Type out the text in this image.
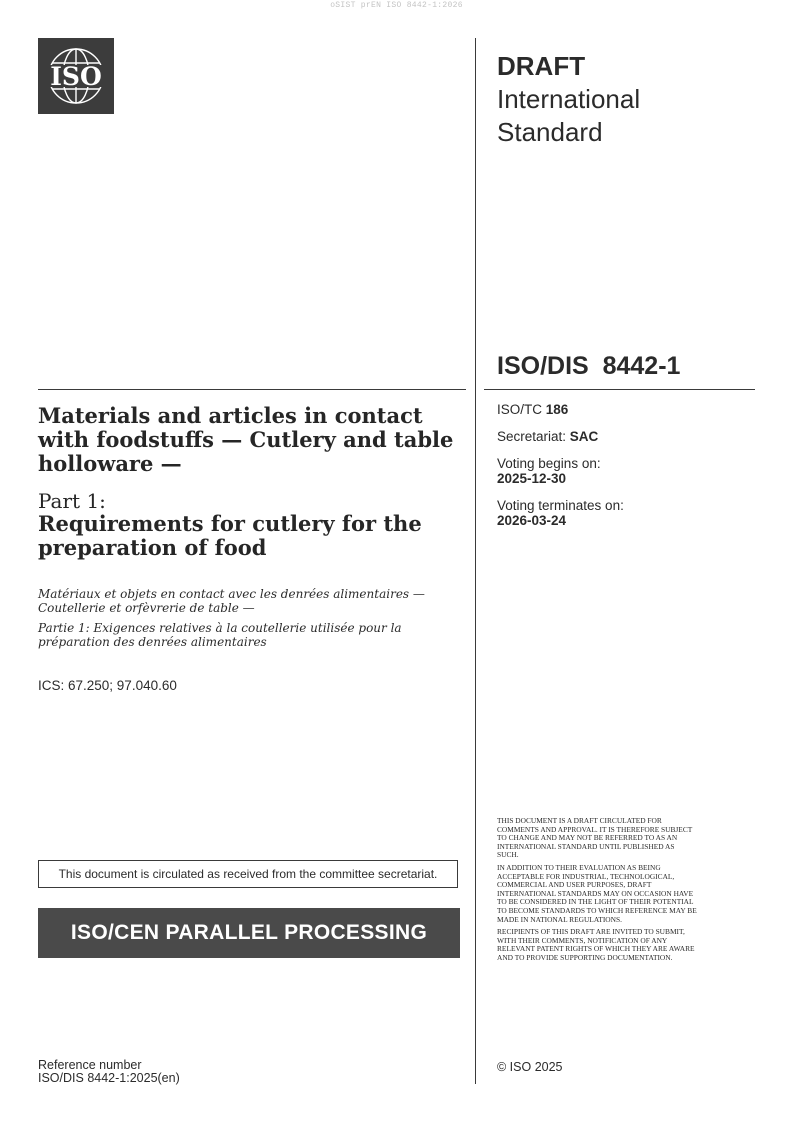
oSIST prEN ISO 8442-1:2026
ISO	DRAFT
International
Standard
ISO/DIS  8442-1
ISO/TC 186
Secretariat: SAC
Voting begins on:
2025-12-30
Voting terminates on:
2026-03-24

Materials and articles in contact with foodstuffs — Cutlery and table holloware —

Part 1:
Requirements for cutlery for the preparation of food

Matériaux et objets en contact avec les denrées alimentaires — Coutellerie et orfèvrerie de table —

Partie 1: Exigences relatives à la coutellerie utilisée pour la préparation des denrées alimentaires

ICS: 67.250; 97.040.60
This document is circulated as received from the committee secretariat.
ISO/CEN PARALLEL PROCESSING
Reference number
ISO/DIS 8442-1:2025(en)

THIS DOCUMENT IS A DRAFT CIRCULATED FOR COMMENTS AND APPROVAL. IT IS THEREFORE SUBJECT TO CHANGE AND MAY NOT BE REFERRED TO AS AN INTERNATIONAL STANDARD UNTIL PUBLISHED AS SUCH.

IN ADDITION TO THEIR EVALUATION AS BEING ACCEPTABLE FOR INDUSTRIAL, TECHNOLOGICAL, COMMERCIAL AND USER PURPOSES, DRAFT INTERNATIONAL STANDARDS MAY ON OCCASION HAVE TO BE CONSIDERED IN THE LIGHT OF THEIR POTENTIAL TO BECOME STANDARDS TO WHICH REFERENCE MAY BE MADE IN NATIONAL REGULATIONS.

RECIPIENTS OF THIS DRAFT ARE INVITED TO SUBMIT, WITH THEIR COMMENTS, NOTIFICATION OF ANY RELEVANT PATENT RIGHTS OF WHICH THEY ARE AWARE AND TO PROVIDE SUPPORTING DOCUMENTATION.

© ISO 2025
